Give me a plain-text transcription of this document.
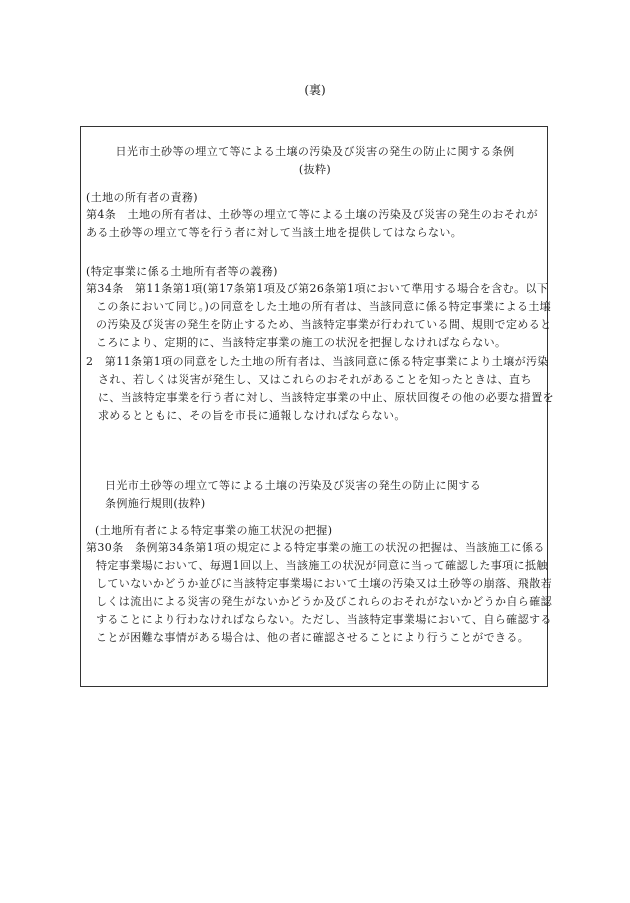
(裏)
日光市土砂等の埋立て等による土壌の汚染及び災害の発生の防止に関する条例
(抜粋)
(土地の所有者の責務)
第4条　土地の所有者は、土砂等の埋立て等による土壌の汚染及び災害の発生のおそれがある土砂等の埋立て等を行う者に対して当該土地を提供してはならない。
(特定事業に係る土地所有者等の義務)
第34条　第11条第1項(第17条第1項及び第26条第1項において準用する場合を含む。以下この条において同じ。)の同意をした土地の所有者は、当該同意に係る特定事業による土壌の汚染及び災害の発生を防止するため、当該特定事業が行われている間、規則で定めるところにより、定期的に、当該特定事業の施工の状況を把握しなければならない。
2　第11条第1項の同意をした土地の所有者は、当該同意に係る特定事業により土壌が汚染され、若しくは災害が発生し、又はこれらのおそれがあることを知ったときは、直ちに、当該特定事業を行う者に対し、当該特定事業の中止、原状回復その他の必要な措置を求めるとともに、その旨を市長に通報しなければならない。
日光市土砂等の埋立て等による土壌の汚染及び災害の発生の防止に関する
条例施行規則(抜粋)
(土地所有者による特定事業の施工状況の把握)
第30条　条例第34条第1項の規定による特定事業の施工の状況の把握は、当該施工に係る特定事業場において、毎週1回以上、当該施工の状況が同意に当って確認した事項に抵触していないかどうか並びに当該特定事業場において土壌の汚染又は土砂等の崩落、飛散若しくは流出による災害の発生がないかどうか及びこれらのおそれがないかどうか自ら確認することにより行わなければならない。ただし、当該特定事業場において、自ら確認することが困難な事情がある場合は、他の者に確認させることにより行うことができる。
